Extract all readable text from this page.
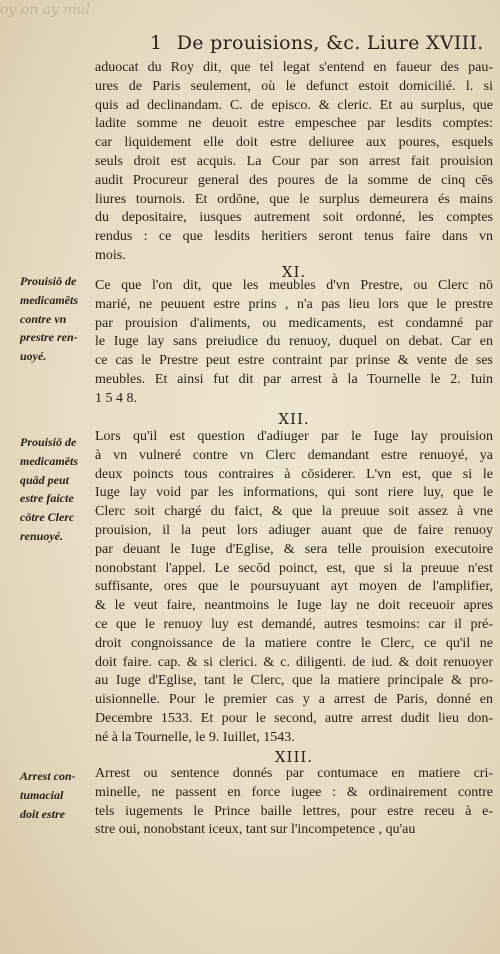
oy on ay mul
1 De prouisions, &c. Liure XVIII.
aduocat du Roy dit, que tel legat s'entend en faueur des pau-
ures de Paris seulement, où le defunct estoit domicilié. l. si
quis ad declinandam. C. de episco. & cleric. Et au surplus, que
ladite somme ne deuoit estre empeschee par lesdits comptes:
car liquidement elle doit estre deliuree aux poures, esquels
seuls droit est acquis. La Cour par son arrest fait prouision
audit Procureur general des poures de la somme de cinq cēs
liures tournois. Et ordōne, que le surplus demeurera és mains
du depositaire, iusques autrement soit ordonné, les comptes
rendus : ce que lesdits heritiers seront tenus faire dans vn
mois.
XI.
Prouisiō de
medicamēts
contre vn
prestre ren-
uoyé.
Ce que l'on dit, que les meubles d'vn Prestre, ou Clerc nō
marié, ne peuuent estre prins , n'a pas lieu lors que le prestre
par prouision d'aliments, ou medicaments, est condamné par
le Iuge lay sans preiudice du renuoy, duquel on debat. Car en
ce cas le Prestre peut estre contraint par prinse & vente de ses
meubles. Et ainsi fut dit par arrest à la Tournelle le 2. Iuin
1 5 4 8.
XII.
Prouisiō de
medicamēts
quād peut
estre faicte
cōtre Clerc
renuoyé.
Lors qu'il est question d'adiuger par le Iuge lay prouision
à vn vulneré contre vn Clerc demandant estre renuoyé, ya
deux poincts tous contraires à cōsiderer. L'vn est, que si le
Iuge lay void par les informations, qui sont riere luy, que le
Clerc soit chargé du faict, & que la preuue soit assez à vne
prouision, il la peut lors adiuger auant que de faire renuoy
par deuant le Iuge d'Eglise, & sera telle prouision executoire
nonobstant l'appel. Le secōd poinct, est, que si la preuue n'est
suffisante, ores que le poursuyuant ayt moyen de l'amplifier,
& le veut faire, neantmoins le Iuge lay ne doit receuoir apres
ce que le renuoy luy est demandé, autres tesmoins: car il pré-
droit congnoissance de la matiere contre le Clerc, ce qu'il ne
doit faire. cap. & si clerici. & c. diligenti. de iud. & doit renuoyer
au Iuge d'Eglise, tant le Clerc, que la matiere principale & pro-
uisionnelle. Pour le premier cas y a arrest de Paris, donné en
Decembre 1533. Et pour le second, autre arrest dudit lieu don-
né à la Tournelle, le 9. Iuillet, 1543.
XIII.
Arrest con-
tumacial
doit estre
Arrest ou sentence donnés par contumace en matiere cri-
minelle, ne passent en force iugee : & ordinairement contre
tels iugements le Prince baille lettres, pour estre receu à e-
stre oui, nonobstant iceux, tant sur l'incompetence , qu'au
